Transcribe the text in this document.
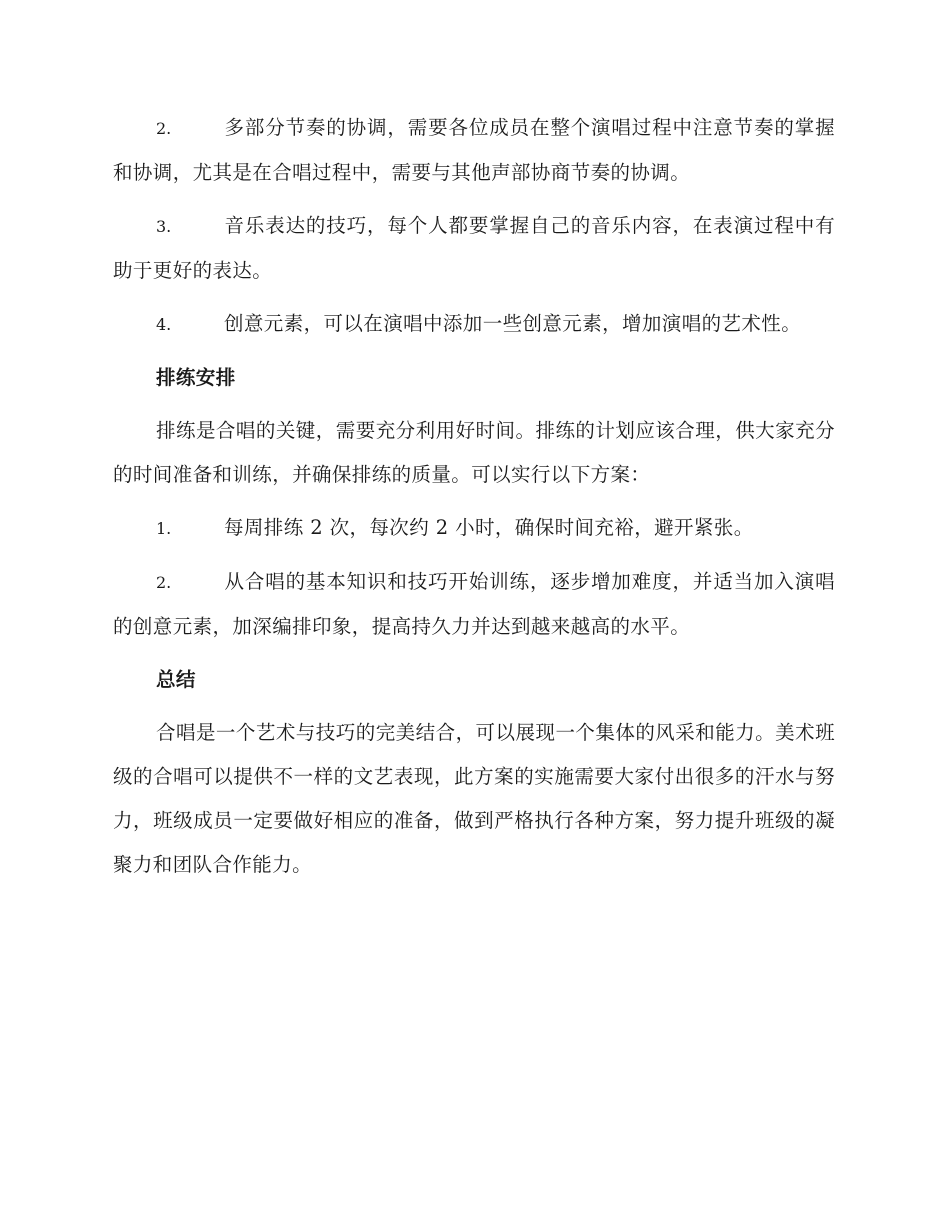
2.	多部分节奏的协调，需要各位成员在整个演唱过程中注意节奏的掌握和协调，尤其是在合唱过程中，需要与其他声部协商节奏的协调。
3.	音乐表达的技巧，每个人都要掌握自己的音乐内容，在表演过程中有助于更好的表达。
4.	创意元素，可以在演唱中添加一些创意元素，增加演唱的艺术性。
排练安排

排练是合唱的关键，需要充分利用好时间。排练的计划应该合理，供大家充分的时间准备和训练，并确保排练的质量。可以实行以下方案：

1.	每周排练 2 次，每次约 2 小时，确保时间充裕，避开紧张。
2.	从合唱的基本知识和技巧开始训练，逐步增加难度，并适当加入演唱的创意元素，加深编排印象，提高持久力并达到越来越高的水平。
总结

合唱是一个艺术与技巧的完美结合，可以展现一个集体的风采和能力。美术班级的合唱可以提供不一样的文艺表现，此方案的实施需要大家付出很多的汗水与努力，班级成员一定要做好相应的准备，做到严格执行各种方案，努力提升班级的凝聚力和团队合作能力。
